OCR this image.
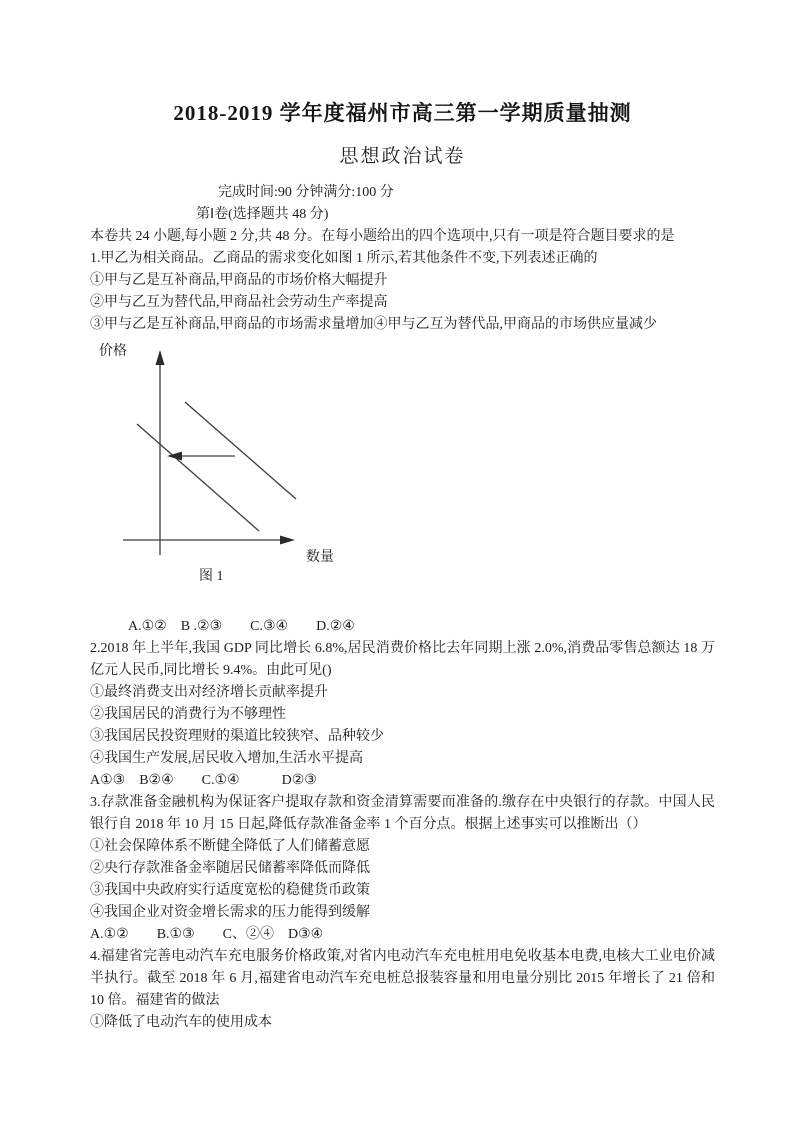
2018-2019 学年度福州市高三第一学期质量抽测
思想政治试卷

完成时间:90 分钟满分:100 分

第Ⅰ卷(选择题共 48 分)

本卷共 24 小题,每小题 2 分,共 48 分。在每小题给出的四个选项中,只有一项是符合题目要求的是

1.甲乙为相关商品。乙商品的需求变化如图 1 所示,若其他条件不变,下列表述正确的

①甲与乙是互补商品,甲商品的市场价格大幅提升

②甲与乙互为替代品,甲商品社会劳动生产率提高

③甲与乙是互补商品,甲商品的市场需求量增加④甲与乙互为替代品,甲商品的市场供应量减少

价格
数量
图 1

A.①②　B .②③　　C.③④　　D.②④

2.2018 年上半年,我国 GDP 同比增长 6.8%,居民消费价格比去年同期上涨 2.0%,消费品零售总额达 18 万亿元人民币,同比增长 9.4%。由此可见()

①最终消费支出对经济增长贡献率提升

②我国居民的消费行为不够理性

③我国居民投资理财的渠道比较狭窄、品种较少

④我国生产发展,居民收入增加,生活水平提高

A①③　B②④　　C.①④　　　D②③

3.存款准备金融机构为保证客户提取存款和资金清算需要而准备的.缴存在中央银行的存款。中国人民银行自 2018 年 10 月 15 日起,降低存款准备金率 1 个百分点。根据上述事实可以推断出（）

①社会保障体系不断健全降低了人们储蓄意愿

②央行存款准备金率随居民储蓄率降低而降低

③我国中央政府实行适度宽松的稳健货币政策

④我国企业对资金增长需求的压力能得到缓解

A.①②　　B.①③　　C、②④　D③④

4.福建省完善电动汽车充电服务价格政策,对省内电动汽车充电桩用电免收基本电费,电核大工业电价减半执行。截至 2018 年 6 月,福建省电动汽车充电桩总报装容量和用电量分别比 2015 年增长了 21 倍和 10 倍。福建省的做法

①降低了电动汽车的使用成本
